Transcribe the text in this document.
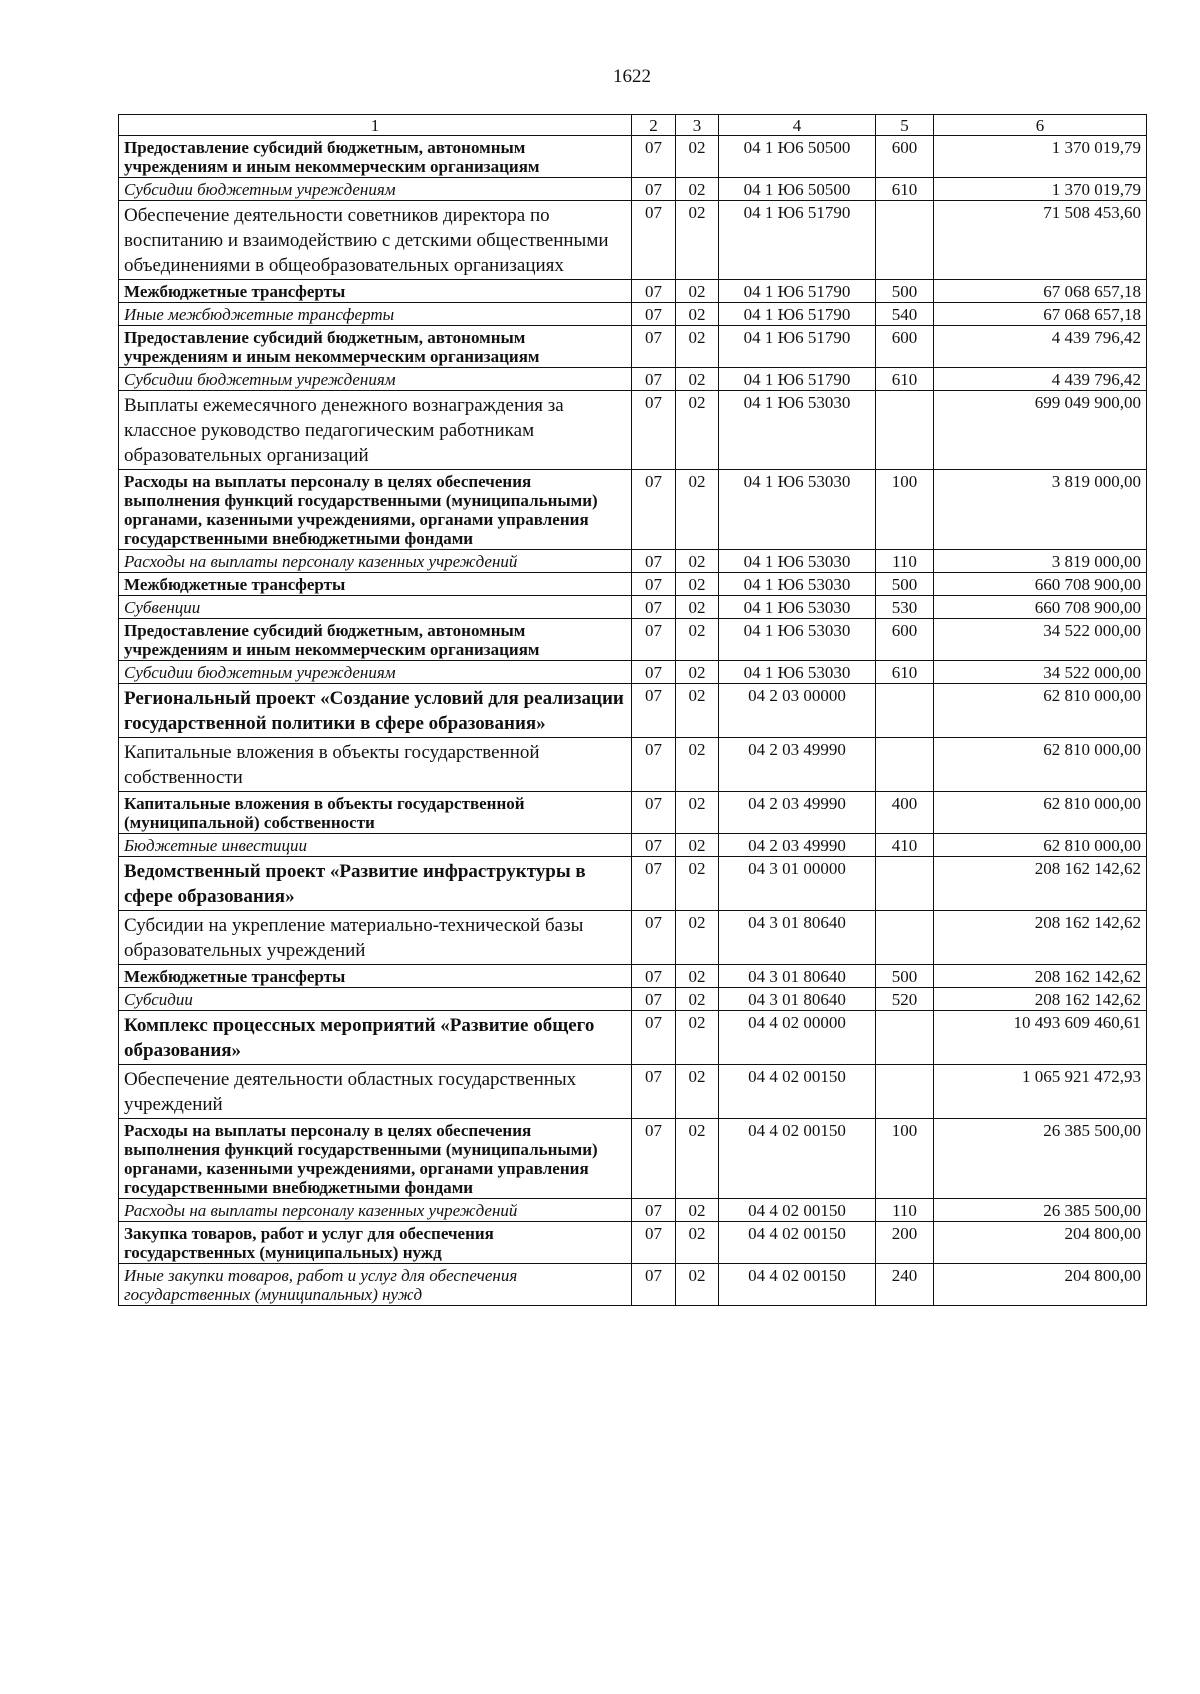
1622
1	2	3	4	5	6
Предоставление субсидий бюджетным, автономным учреждениям и иным некоммерческим организациям	07	02	04 1 Ю6 50500	600	1 370 019,79
Субсидии бюджетным учреждениям	07	02	04 1 Ю6 50500	610	1 370 019,79
Обеспечение деятельности советников директора по воспитанию и взаимодействию с детскими общественными объединениями в общеобразовательных организациях	07	02	04 1 Ю6 51790		71 508 453,60
Межбюджетные трансферты	07	02	04 1 Ю6 51790	500	67 068 657,18
Иные межбюджетные трансферты	07	02	04 1 Ю6 51790	540	67 068 657,18
Предоставление субсидий бюджетным, автономным учреждениям и иным некоммерческим организациям	07	02	04 1 Ю6 51790	600	4 439 796,42
Субсидии бюджетным учреждениям	07	02	04 1 Ю6 51790	610	4 439 796,42
Выплаты ежемесячного денежного вознаграждения за классное руководство педагогическим работникам образовательных организаций	07	02	04 1 Ю6 53030		699 049 900,00
Расходы на выплаты персоналу в целях обеспечения выполнения функций государственными (муниципальными) органами, казенными учреждениями, органами управления государственными внебюджетными фондами	07	02	04 1 Ю6 53030	100	3 819 000,00
Расходы на выплаты персоналу казенных учреждений	07	02	04 1 Ю6 53030	110	3 819 000,00
Межбюджетные трансферты	07	02	04 1 Ю6 53030	500	660 708 900,00
Субвенции	07	02	04 1 Ю6 53030	530	660 708 900,00
Предоставление субсидий бюджетным, автономным учреждениям и иным некоммерческим организациям	07	02	04 1 Ю6 53030	600	34 522 000,00
Субсидии бюджетным учреждениям	07	02	04 1 Ю6 53030	610	34 522 000,00
Региональный проект «Создание условий для реализации государственной политики в сфере образования»	07	02	04 2 03 00000		62 810 000,00
Капитальные вложения в объекты государственной собственности	07	02	04 2 03 49990		62 810 000,00
Капитальные вложения в объекты государственной (муниципальной) собственности	07	02	04 2 03 49990	400	62 810 000,00
Бюджетные инвестиции	07	02	04 2 03 49990	410	62 810 000,00
Ведомственный проект «Развитие инфраструктуры в сфере образования»	07	02	04 3 01 00000		208 162 142,62
Субсидии на укрепление материально-технической базы образовательных учреждений	07	02	04 3 01 80640		208 162 142,62
Межбюджетные трансферты	07	02	04 3 01 80640	500	208 162 142,62
Субсидии	07	02	04 3 01 80640	520	208 162 142,62
Комплекс процессных мероприятий «Развитие общего образования»	07	02	04 4 02 00000		10 493 609 460,61
Обеспечение деятельности областных государственных учреждений	07	02	04 4 02 00150		1 065 921 472,93
Расходы на выплаты персоналу в целях обеспечения выполнения функций государственными (муниципальными) органами, казенными учреждениями, органами управления государственными внебюджетными фондами	07	02	04 4 02 00150	100	26 385 500,00
Расходы на выплаты персоналу казенных учреждений	07	02	04 4 02 00150	110	26 385 500,00
Закупка товаров, работ и услуг для обеспечения государственных (муниципальных) нужд	07	02	04 4 02 00150	200	204 800,00
Иные закупки товаров, работ и услуг для обеспечения государственных (муниципальных) нужд	07	02	04 4 02 00150	240	204 800,00
